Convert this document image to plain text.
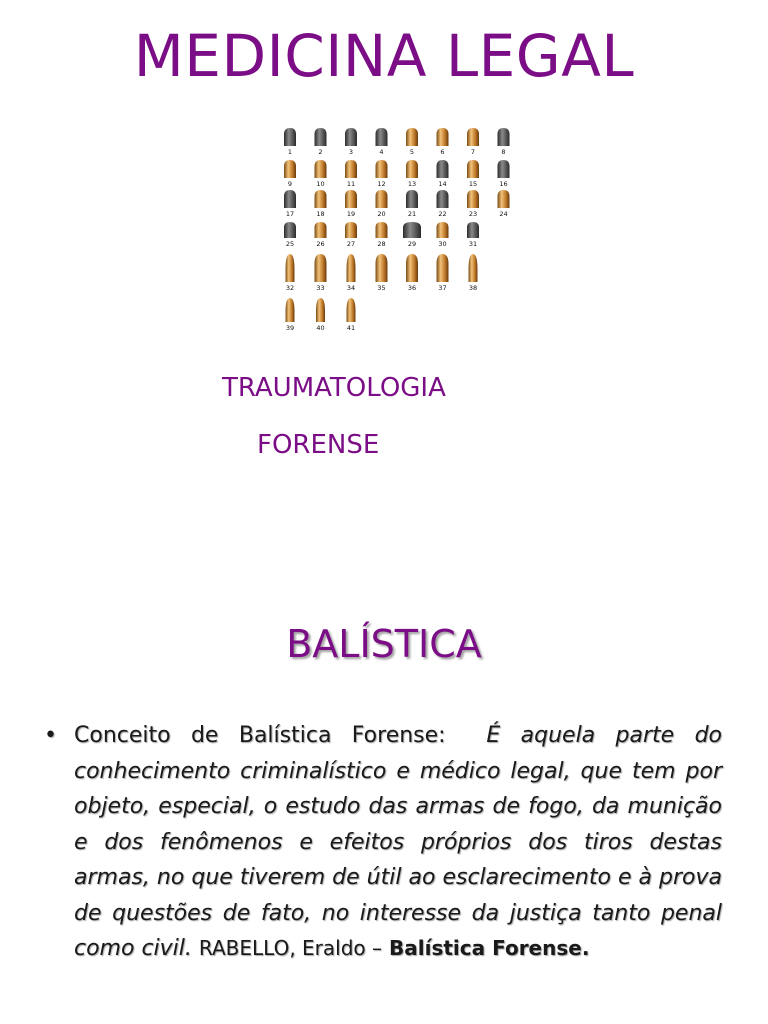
MEDICINA LEGAL
1	2	3	4	5	6	7	8
9	10	11	12	13	14	15	16
17	18	19	20	21	22	23	24
25	26	27	28	29	30	31
32	33	34	35	36	37	38
39	40	41
TRAUMATOLOGIA
FORENSE
BALÍSTICA
• Conceito de Balística Forense: É aquela parte do conhecimento criminalístico e médico legal, que tem por objeto, especial, o estudo das armas de fogo, da munição e dos fenômenos e efeitos próprios dos tiros destas armas, no que tiverem de útil ao esclarecimento e à prova de questões de fato, no interesse da justiça tanto penal como civil. RABELLO, Eraldo – Balística Forense.
